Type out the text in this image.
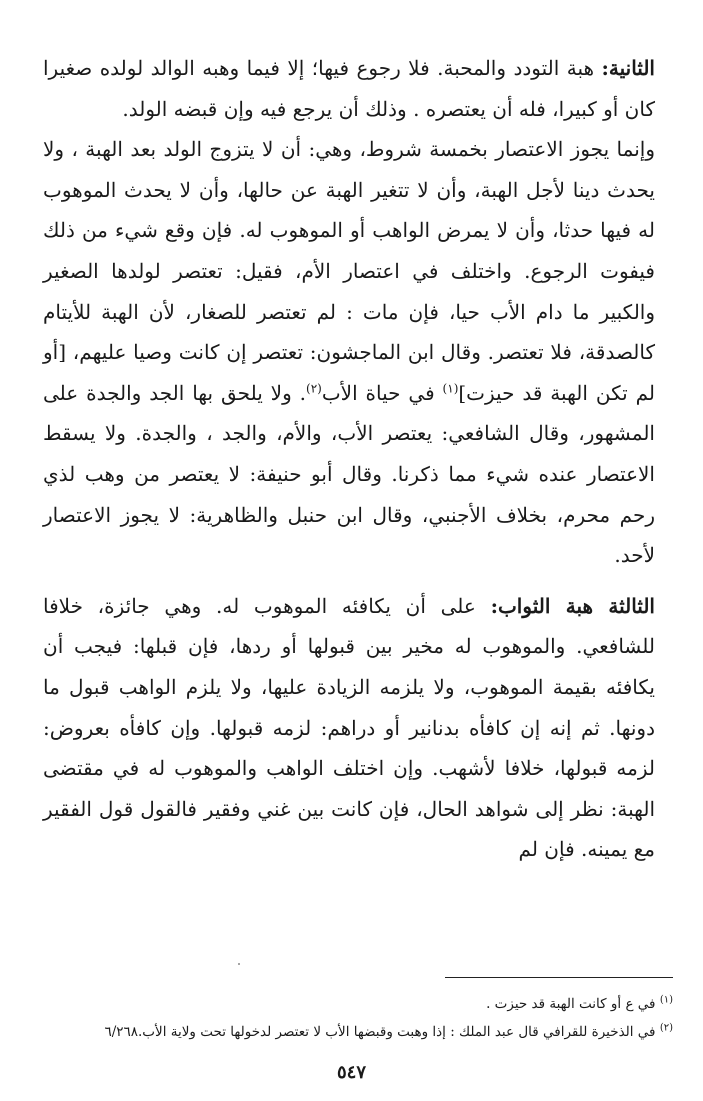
الثانية: هبة التودد والمحبة. فلا رجوع فيها؛ إلا فيما وهبه الوالد لولده صغيرا كان أو كبيرا، فله أن يعتصره . وذلك أن يرجع فيه وإن قبضه الولد.

وإنما يجوز الاعتصار بخمسة شروط، وهي: أن لا يتزوج الولد بعد الهبة ، ولا يحدث دينا لأجل الهبة، وأن لا تتغير الهبة عن حالها، وأن لا يحدث الموهوب له فيها حدثا، وأن لا يمرض الواهب أو الموهوب له. فإن وقع شيء من ذلك فيفوت الرجوع. واختلف في اعتصار الأم، فقيل: تعتصر لولدها الصغير والكبير ما دام الأب حيا، فإن مات : لم تعتصر للصغار، لأن الهبة للأيتام كالصدقة، فلا تعتصر. وقال ابن الماجشون: تعتصر إن كانت وصيا عليهم، [أو لم تكن الهبة قد حيزت]$^{(١)}$ في حياة الأب$^{(٢)}$. ولا يلحق بها الجد والجدة على المشهور، وقال الشافعي: يعتصر الأب، والأم، والجد ، والجدة. ولا يسقط الاعتصار عنده شيء مما ذكرنا. وقال أبو حنيفة: لا يعتصر من وهب لذي رحم محرم، بخلاف الأجنبي، وقال ابن حنبل والظاهرية: لا يجوز الاعتصار لأحد.

الثالثة هبة الثواب: على أن يكافئه الموهوب له. وهي جائزة، خلافا للشافعي. والموهوب له مخير بين قبولها أو ردها، فإن قبلها: فيجب أن يكافئه بقيمة الموهوب، ولا يلزمه الزيادة عليها، ولا يلزم الواهب قبول ما دونها. ثم إنه إن كافأه بدنانير أو دراهم: لزمه قبولها. وإن كافأه بعروض: لزمه قبولها، خلافا لأشهب. وإن اختلف الواهب والموهوب له في مقتضى الهبة: نظر إلى شواهد الحال، فإن كانت بين غني وفقير فالقول قول الفقير مع يمينه. فإن لم

$^{(١)}$ في ع أو كانت الهبة قد حيزت .

$^{(٢)}$ في الذخيرة للقرافي قال عبد الملك : إذا وهبت وقبضها الأب لا تعتصر لدخولها تحت ولاية الأب.٦/٢٦٨

٥٤٧
